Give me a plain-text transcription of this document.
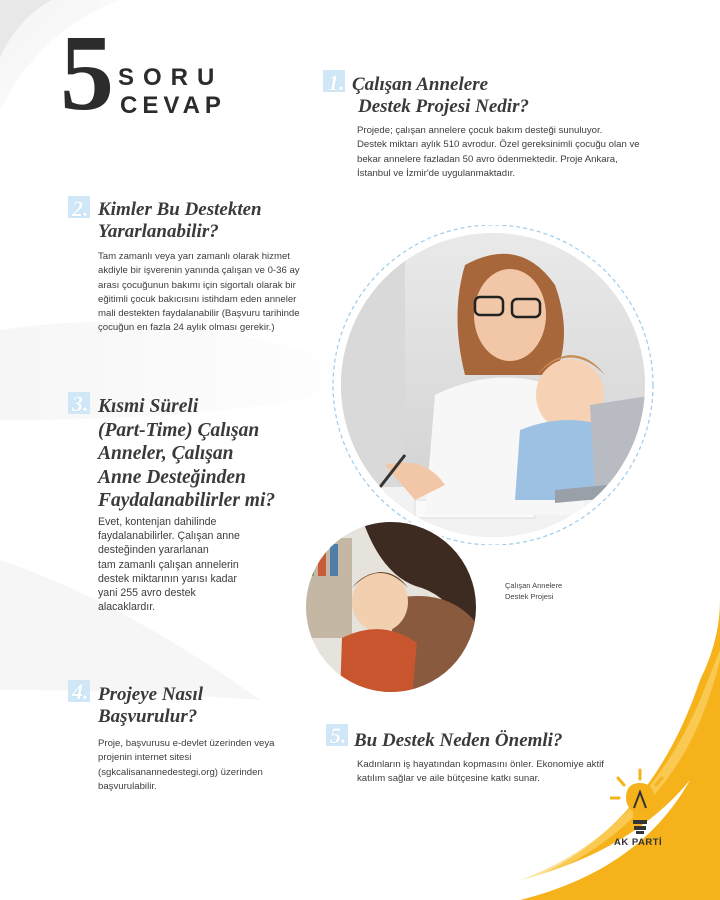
5 SORU
CEVAP
1. Çalışan Annelere
Destek Projesi Nedir?
Projede; çalışan annelere çocuk bakım desteği sunuluyor.
Destek miktarı aylık 510 avrodur. Özel gereksinimli çocuğu olan ve
bekar annelere fazladan 50 avro ödenmektedir. Proje Ankara,
İstanbul ve İzmir'de uygulanmaktadır.
2. Kimler Bu Destekten
Yararlanabilir?
Tam zamanlı veya yarı zamanlı olarak hizmet
akdiyle bir işverenin yanında çalışan ve 0-36 ay
arası çocuğunun bakımı için sigortalı olarak bir
eğitimli çocuk bakıcısını istihdam eden anneler
mali destekten faydalanabilir (Başvuru tarihinde
çocuğun en fazla 24 aylık olması gerekir.)
3. Kısmi Süreli
(Part-Time) Çalışan
Anneler, Çalışan
Anne Desteğinden
Faydalanabilirler mi?
Evet, kontenjan dahilinde
faydalanabilirler. Çalışan anne
desteğinden yararlanan
tam zamanlı çalışan annelerin
destek miktarının yarısı kadar
yani 255 avro destek
alacaklardır.
Çalışan Annelere
Destek Projesi
4. Projeye Nasıl
Başvurulur?
Proje, başvurusu e-devlet üzerinden veya
projenin internet sitesi
(sgkcalisanannedestegi.org) üzerinden
başvurulabilir.
5. Bu Destek Neden Önemli?
Kadınların iş hayatından kopmasını önler. Ekonomiye aktif
katılım sağlar ve aile bütçesine katkı sunar.
AK PARTİ
